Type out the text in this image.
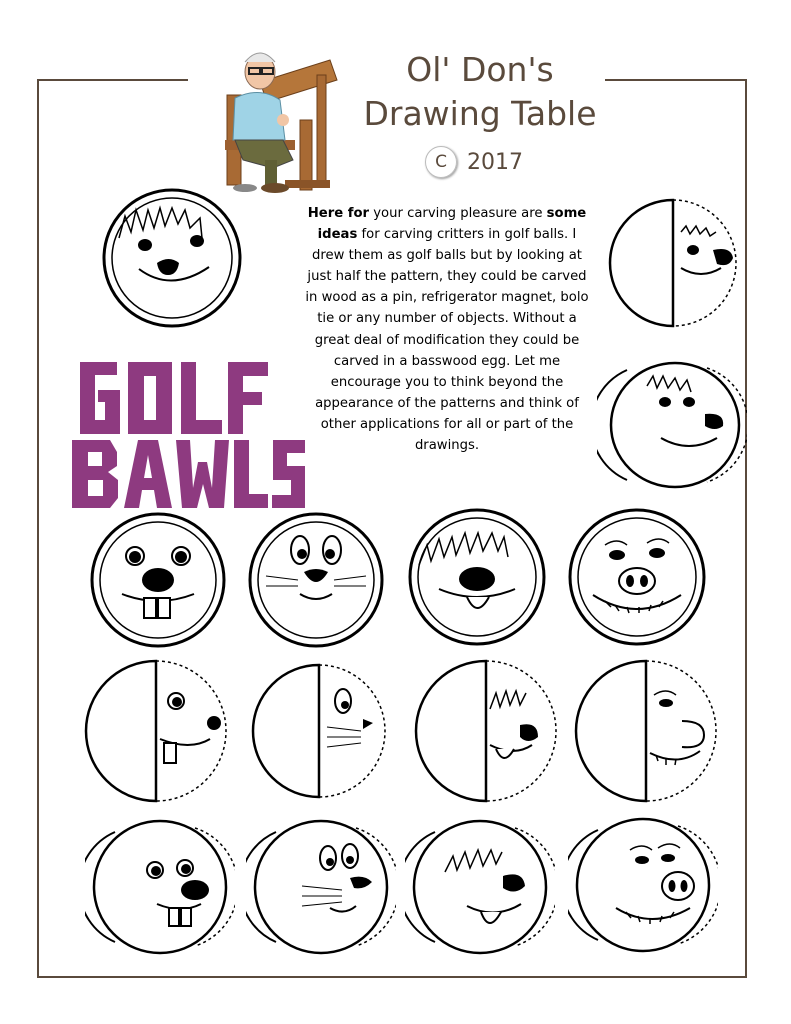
Ol' Don's
Drawing Table
C 2017
Here for your carving pleasure are some ideas for carving critters in golf balls. I drew them as golf balls but by looking at just half the pattern, they could be carved in wood as a pin, refrigerator magnet, bolo tie or any number of objects. Without a great deal of modification they could be carved in a basswood egg. Let me encourage you to think beyond the appearance of the patterns and think of other applications for all or part of the drawings.
